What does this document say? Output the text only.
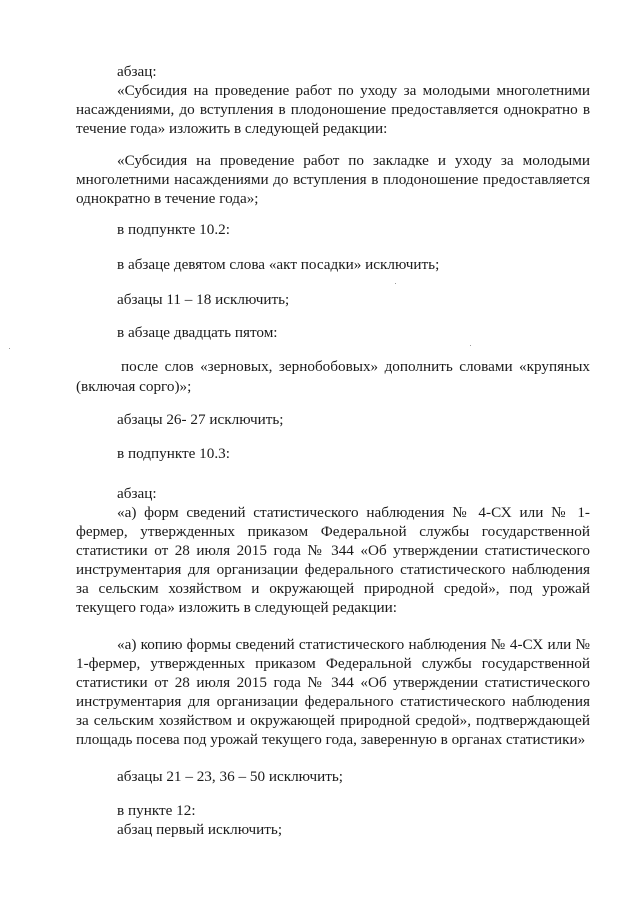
абзац:

«Субсидия на проведение работ по уходу за молодыми многолетними насаждениями, до вступления в плодоношение предоставляется однократно в течение года» изложить в следующей редакции:

«Субсидия на проведение работ по закладке и уходу за молодыми многолетними насаждениями до вступления в плодоношение предоставляется однократно в течение года»;

в подпункте 10.2:

в абзаце девятом слова «акт посадки» исключить;

абзацы 11 – 18 исключить;

в абзаце двадцать пятом:

после слов «зерновых, зернобобовых» дополнить словами «крупяных (включая сорго)»;

абзацы 26- 27 исключить;

в подпункте 10.3:

абзац:

«а) форм сведений статистического наблюдения № 4-СХ или № 1-фермер, утвержденных приказом Федеральной службы государственной статистики от 28 июля 2015 года № 344 «Об утверждении статистического инструментария для организации федерального статистического наблюдения за сельским хозяйством и окружающей природной средой», под урожай текущего года» изложить в следующей редакции:

«а) копию формы сведений статистического наблюдения № 4-СХ или № 1-фермер, утвержденных приказом Федеральной службы государственной статистики от 28 июля 2015 года № 344 «Об утверждении статистического инструментария для организации федерального статистического наблюдения за сельским хозяйством и окружающей природной средой», подтверждающей площадь посева под урожай текущего года, заверенную в органах статистики»

абзацы 21 – 23, 36 – 50 исключить;

в пункте 12:

абзац первый исключить;
